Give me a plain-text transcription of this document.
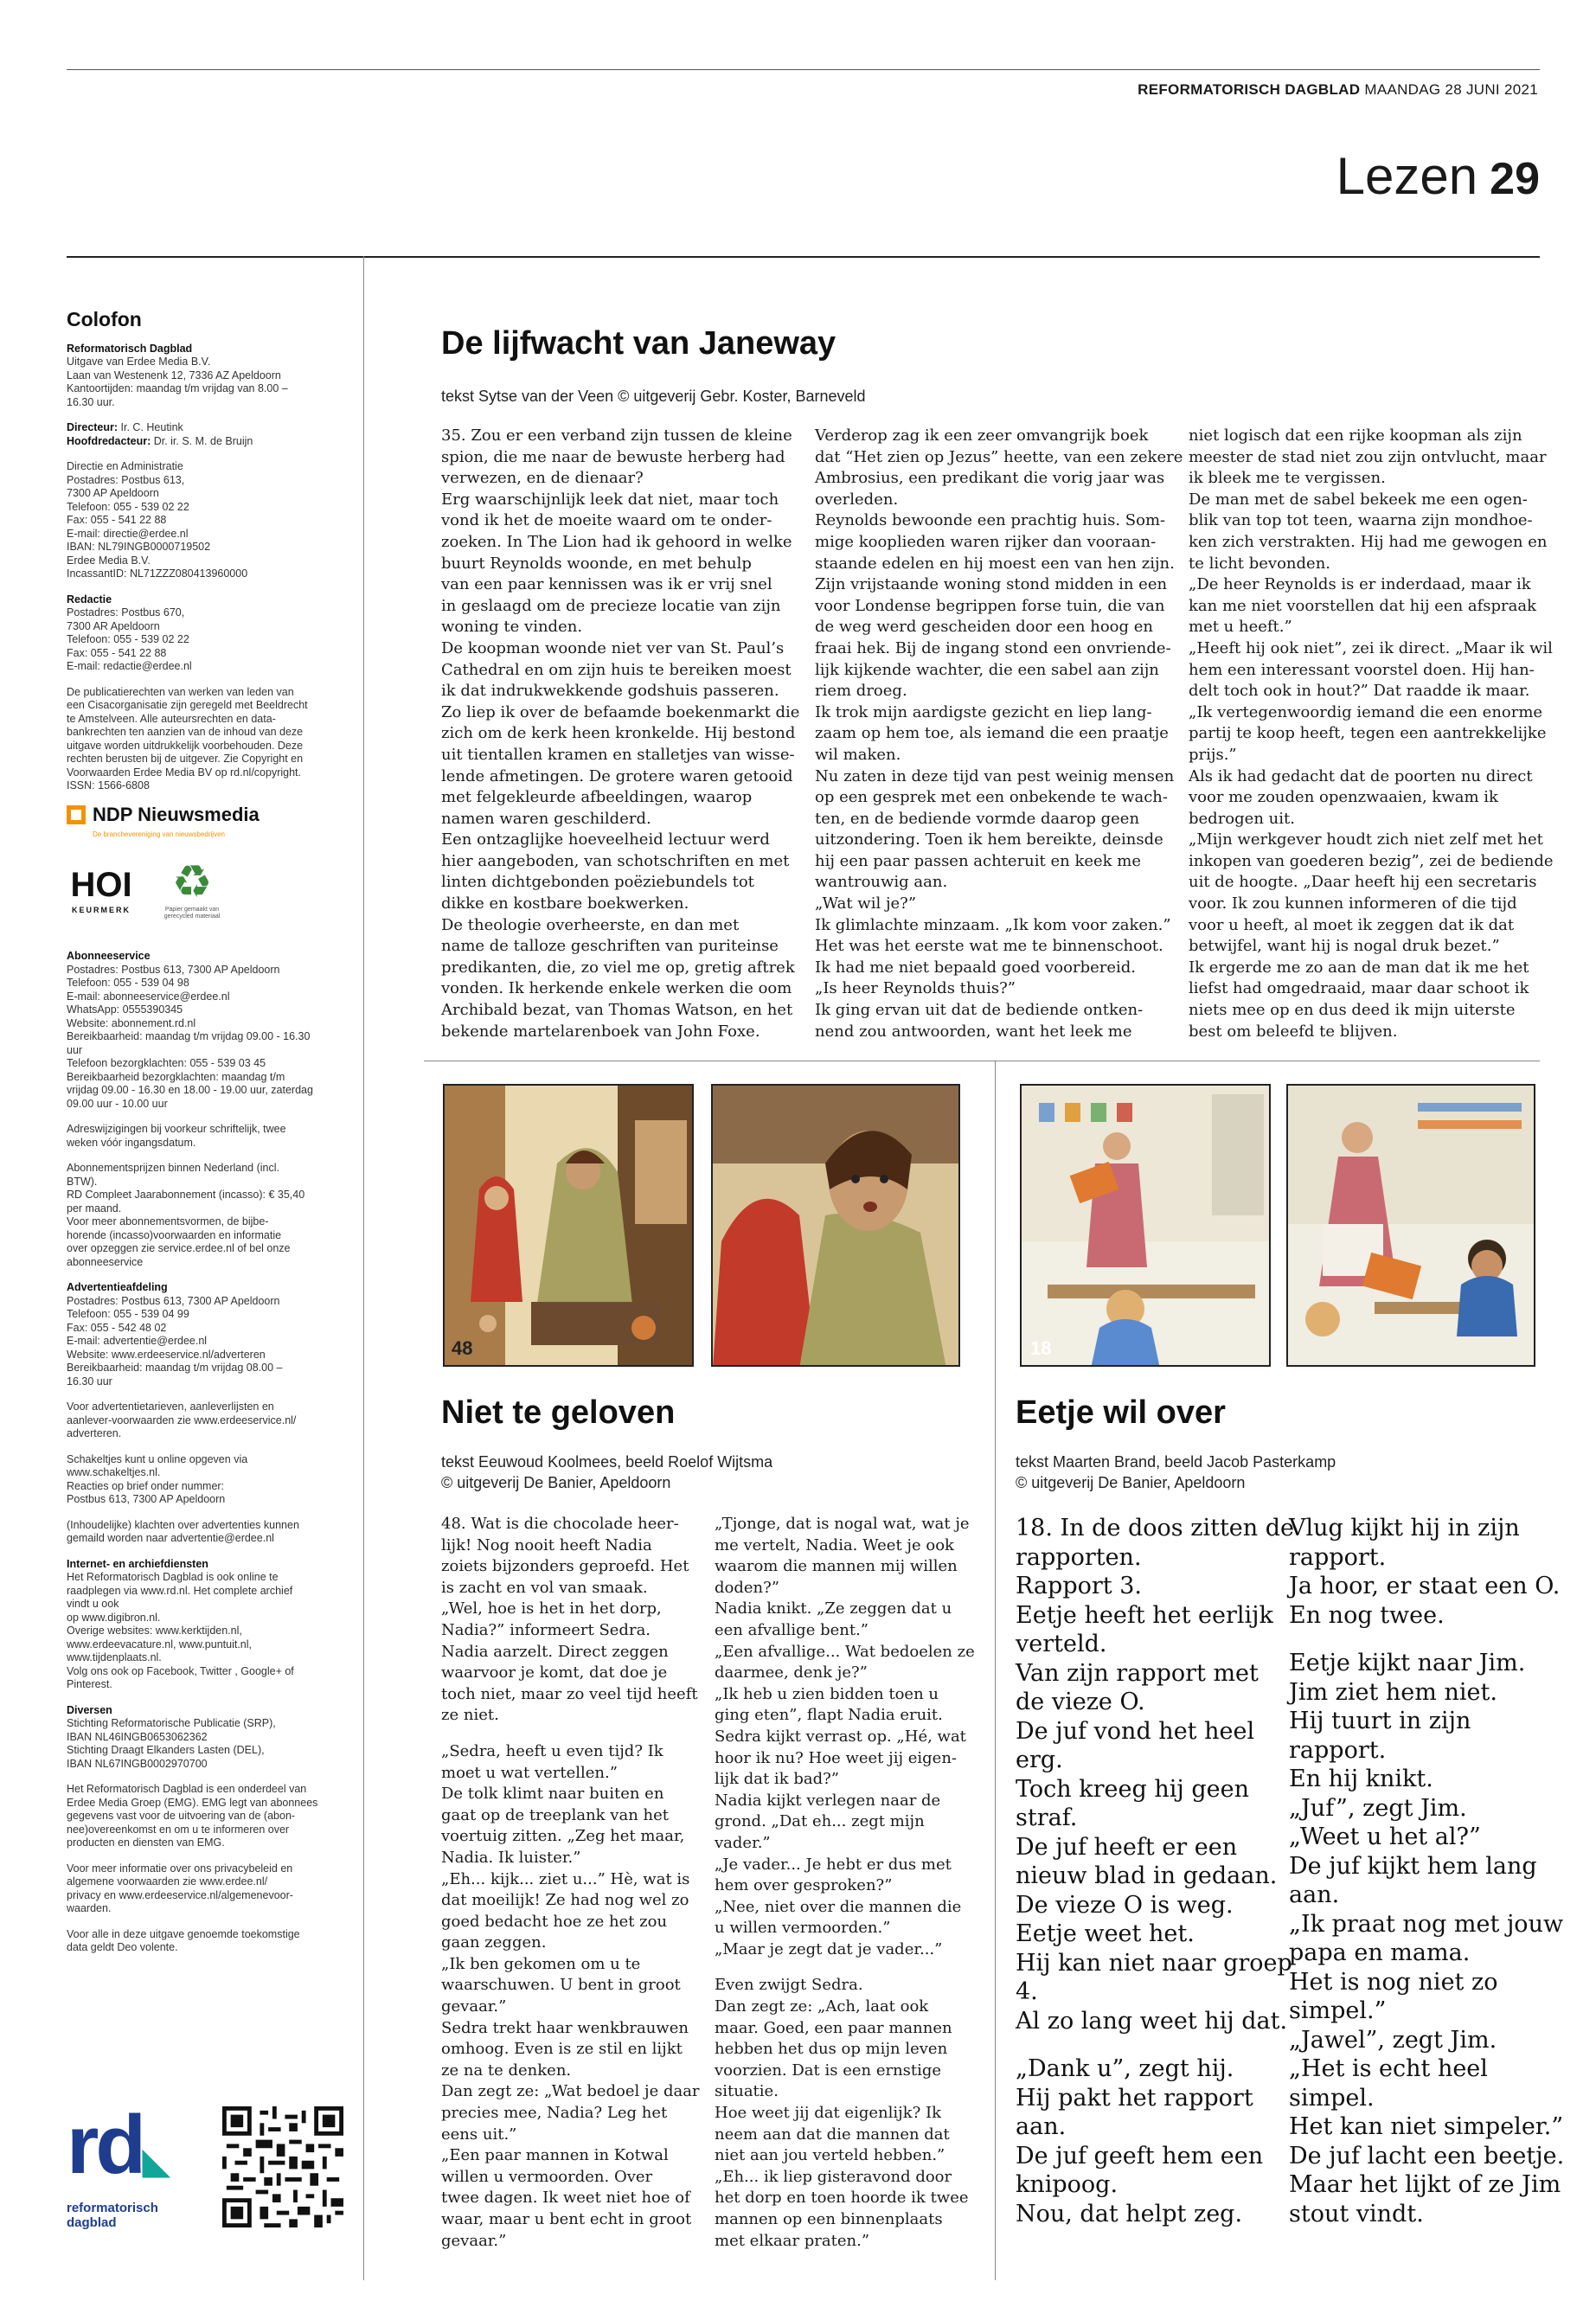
REFORMATORISCH DAGBLAD MAANDAG 28 JUNI 2021
Lezen 29
Colofon
Reformatorisch Dagblad
Uitgave van Erdee Media B.V.
Laan van Westenenk 12, 7336 AZ Apeldoorn
Kantoortijden: maandag t/m vrijdag van 8.00 –
16.30 uur.
Directeur: Ir. C. Heutink
Hoofdredacteur: Dr. ir. S. M. de Bruijn
Directie en Administratie
Postadres: Postbus 613,
7300 AP Apeldoorn
Telefoon: 055 - 539 02 22
Fax: 055 - 541 22 88
E-mail: directie@erdee.nl
IBAN: NL79INGB0000719502
Erdee Media B.V.
IncassantID: NL71ZZZ080413960000
Redactie
Postadres: Postbus 670,
7300 AR Apeldoorn
Telefoon: 055 - 539 02 22
Fax: 055 - 541 22 88
E-mail: redactie@erdee.nl
De publicatierechten van werken van leden van
een Cisacorganisatie zijn geregeld met Beeldrecht
te Amstelveen. Alle auteursrechten en data-
bankrechten ten aanzien van de inhoud van deze
uitgave worden uitdrukkelijk voorbehouden. Deze
rechten berusten bij de uitgever. Zie Copyright en
Voorwaarden Erdee Media BV op rd.nl/copyright.
ISSN: 1566-6808
NDP Nieuwsmedia
De branchevereniging van nieuwsbedrijven
HOI
KEURMERK
♻
Papier gemaakt van gerecycled materiaal
Abonneeservice
Postadres: Postbus 613, 7300 AP Apeldoorn
Telefoon: 055 - 539 04 98
E-mail: abonneeservice@erdee.nl
WhatsApp: 0555390345
Website: abonnement.rd.nl
Bereikbaarheid: maandag t/m vrijdag 09.00 - 16.30
uur
Telefoon bezorgklachten: 055 - 539 03 45
Bereikbaarheid bezorgklachten: maandag t/m
vrijdag 09.00 - 16.30 en 18.00 - 19.00 uur, zaterdag
09.00 uur - 10.00 uur
Adreswijzigingen bij voorkeur schriftelijk, twee
weken vóór ingangsdatum.
Abonnementsprijzen binnen Nederland (incl.
BTW).
RD Compleet Jaarabonnement (incasso): € 35,40
per maand.
Voor meer abonnementsvormen, de bijbe-
horende (incasso)voorwaarden en informatie
over opzeggen zie service.erdee.nl of bel onze
abonneeservice
Advertentieafdeling
Postadres: Postbus 613, 7300 AP Apeldoorn
Telefoon: 055 - 539 04 99
Fax: 055 - 542 48 02
E-mail: advertentie@erdee.nl
Website: www.erdeeservice.nl/adverteren
Bereikbaarheid: maandag t/m vrijdag 08.00 –
16.30 uur
Voor advertentietarieven, aanleverlijsten en
aanlever-voorwaarden zie www.erdeeservice.nl/
adverteren.
Schakeltjes kunt u online opgeven via
www.schakeltjes.nl.
Reacties op brief onder nummer:
Postbus 613, 7300 AP Apeldoorn
(Inhoudelijke) klachten over advertenties kunnen
gemaild worden naar advertentie@erdee.nl
Internet- en archiefdiensten
Het Reformatorisch Dagblad is ook online te
raadplegen via www.rd.nl. Het complete archief
vindt u ook
op www.digibron.nl.
Overige websites: www.kerktijden.nl,
www.erdeevacature.nl, www.puntuit.nl,
www.tijdenplaats.nl.
Volg ons ook op Facebook, Twitter , Google+ of
Pinterest.
Diversen
Stichting Reformatorische Publicatie (SRP),
IBAN NL46INGB0653062362
Stichting Draagt Elkanders Lasten (DEL),
IBAN NL67INGB0002970700
Het Reformatorisch Dagblad is een onderdeel van
Erdee Media Groep (EMG). EMG legt van abonnees
gegevens vast voor de uitvoering van de (abon-
nee)overeenkomst en om u te informeren over
producten en diensten van EMG.
Voor meer informatie over ons privacybeleid en
algemene voorwaarden zie www.erdee.nl/
privacy en www.erdeeservice.nl/algemenevoor-
waarden.
Voor alle in deze uitgave genoemde toekomstige
data geldt Deo volente.
rd◣
reformatorisch
dagblad
De lijfwacht van Janeway
tekst Sytse van der Veen © uitgeverij Gebr. Koster, Barneveld
35. Zou er een verband zijn tussen de kleine
spion, die me naar de bewuste herberg had
verwezen, en de dienaar?
Erg waarschijnlijk leek dat niet, maar toch
vond ik het de moeite waard om te onder-
zoeken. In The Lion had ik gehoord in welke
buurt Reynolds woonde, en met behulp
van een paar kennissen was ik er vrij snel
in geslaagd om de precieze locatie van zijn
woning te vinden.
De koopman woonde niet ver van St. Paul’s
Cathedral en om zijn huis te bereiken moest
ik dat indrukwekkende godshuis passeren.
Zo liep ik over de befaamde boekenmarkt die
zich om de kerk heen kronkelde. Hij bestond
uit tientallen kramen en stalletjes van wisse-
lende afmetingen. De grotere waren getooid
met felgekleurde afbeeldingen, waarop
namen waren geschilderd.
Een ontzaglijke hoeveelheid lectuur werd
hier aangeboden, van schotschriften en met
linten dichtgebonden poëziebundels tot
dikke en kostbare boekwerken.
De theologie overheerste, en dan met
name de talloze geschriften van puriteinse
predikanten, die, zo viel me op, gretig aftrek
vonden. Ik herkende enkele werken die oom
Archibald bezat, van Thomas Watson, en het
bekende martelarenboek van John Foxe.
Verderop zag ik een zeer omvangrijk boek
dat “Het zien op Jezus” heette, van een zekere
Ambrosius, een predikant die vorig jaar was
overleden.
Reynolds bewoonde een prachtig huis. Som-
mige kooplieden waren rijker dan vooraan-
staande edelen en hij moest een van hen zijn.
Zijn vrijstaande woning stond midden in een
voor Londense begrippen forse tuin, die van
de weg werd gescheiden door een hoog en
fraai hek. Bij de ingang stond een onvriende-
lijk kijkende wachter, die een sabel aan zijn
riem droeg.
Ik trok mijn aardigste gezicht en liep lang-
zaam op hem toe, als iemand die een praatje
wil maken.
Nu zaten in deze tijd van pest weinig mensen
op een gesprek met een onbekende te wach-
ten, en de bediende vormde daarop geen
uitzondering. Toen ik hem bereikte, deinsde
hij een paar passen achteruit en keek me
wantrouwig aan.
„Wat wil je?”
Ik glimlachte minzaam. „Ik kom voor zaken.”
Het was het eerste wat me te binnenschoot.
Ik had me niet bepaald goed voorbereid.
„Is heer Reynolds thuis?”
Ik ging ervan uit dat de bediende ontken-
nend zou antwoorden, want het leek me
niet logisch dat een rijke koopman als zijn
meester de stad niet zou zijn ontvlucht, maar
ik bleek me te vergissen.
De man met de sabel bekeek me een ogen-
blik van top tot teen, waarna zijn mondhoe-
ken zich verstrakten. Hij had me gewogen en
te licht bevonden.
„De heer Reynolds is er inderdaad, maar ik
kan me niet voorstellen dat hij een afspraak
met u heeft.”
„Heeft hij ook niet”, zei ik direct. „Maar ik wil
hem een interessant voorstel doen. Hij han-
delt toch ook in hout?” Dat raadde ik maar.
„Ik vertegenwoordig iemand die een enorme
partij te koop heeft, tegen een aantrekkelijke
prijs.”
Als ik had gedacht dat de poorten nu direct
voor me zouden openzwaaien, kwam ik
bedrogen uit.
„Mijn werkgever houdt zich niet zelf met het
inkopen van goederen bezig”, zei de bediende
uit de hoogte. „Daar heeft hij een secretaris
voor. Ik zou kunnen informeren of die tijd
voor u heeft, al moet ik zeggen dat ik dat
betwijfel, want hij is nogal druk bezet.”
Ik ergerde me zo aan de man dat ik me het
liefst had omgedraaid, maar daar schoot ik
niets mee op en dus deed ik mijn uiterste
best om beleefd te blijven.
48	18
Niet te geloven
tekst Eeuwoud Koolmees, beeld Roelof Wijtsma
© uitgeverij De Banier, Apeldoorn
48. Wat is die chocolade heer-
lijk! Nog nooit heeft Nadia
zoiets bijzonders geproefd. Het
is zacht en vol van smaak.
„Wel, hoe is het in het dorp,
Nadia?” informeert Sedra.
Nadia aarzelt. Direct zeggen
waarvoor je komt, dat doe je
toch niet, maar zo veel tijd heeft
ze niet.
„Sedra, heeft u even tijd? Ik
moet u wat vertellen.”
De tolk klimt naar buiten en
gaat op de treeplank van het
voertuig zitten. „Zeg het maar,
Nadia. Ik luister.”
„Eh... kijk... ziet u...” Hè, wat is
dat moeilijk! Ze had nog wel zo
goed bedacht hoe ze het zou
gaan zeggen.
„Ik ben gekomen om u te
waarschuwen. U bent in groot
gevaar.”
Sedra trekt haar wenkbrauwen
omhoog. Even is ze stil en lijkt
ze na te denken.
Dan zegt ze: „Wat bedoel je daar
precies mee, Nadia? Leg het
eens uit.”
„Een paar mannen in Kotwal
willen u vermoorden. Over
twee dagen. Ik weet niet hoe of
waar, maar u bent echt in groot
gevaar.”
„Tjonge, dat is nogal wat, wat je
me vertelt, Nadia. Weet je ook
waarom die mannen mij willen
doden?”
Nadia knikt. „Ze zeggen dat u
een afvallige bent.”
„Een afvallige... Wat bedoelen ze
daarmee, denk je?”
„Ik heb u zien bidden toen u
ging eten”, flapt Nadia eruit.
Sedra kijkt verrast op. „Hé, wat
hoor ik nu? Hoe weet jij eigen-
lijk dat ik bad?”
Nadia kijkt verlegen naar de
grond. „Dat eh... zegt mijn
vader.”
„Je vader... Je hebt er dus met
hem over gesproken?”
„Nee, niet over die mannen die
u willen vermoorden.”
„Maar je zegt dat je vader...”
Even zwijgt Sedra.
Dan zegt ze: „Ach, laat ook
maar. Goed, een paar mannen
hebben het dus op mijn leven
voorzien. Dat is een ernstige
situatie.
Hoe weet jij dat eigenlijk? Ik
neem aan dat die mannen dat
niet aan jou verteld hebben.”
„Eh... ik liep gisteravond door
het dorp en toen hoorde ik twee
mannen op een binnenplaats
met elkaar praten.”
Eetje wil over
tekst Maarten Brand, beeld Jacob Pasterkamp
© uitgeverij De Banier, Apeldoorn
18. In de doos zitten de
rapporten.
Rapport 3.
Eetje heeft het eerlijk
verteld.
Van zijn rapport met
de vieze O.
De juf vond het heel
erg.
Toch kreeg hij geen
straf.
De juf heeft er een
nieuw blad in gedaan.
De vieze O is weg.
Eetje weet het.
Hij kan niet naar groep
4.
Al zo lang weet hij dat.
„Dank u”, zegt hij.
Hij pakt het rapport
aan.
De juf geeft hem een
knipoog.
Nou, dat helpt zeg.
Vlug kijkt hij in zijn
rapport.
Ja hoor, er staat een O.
En nog twee.
Eetje kijkt naar Jim.
Jim ziet hem niet.
Hij tuurt in zijn
rapport.
En hij knikt.
„Juf”, zegt Jim.
„Weet u het al?”
De juf kijkt hem lang
aan.
„Ik praat nog met jouw
papa en mama.
Het is nog niet zo
simpel.”
„Jawel”, zegt Jim.
„Het is echt heel
simpel.
Het kan niet simpeler.”
De juf lacht een beetje.
Maar het lijkt of ze Jim
stout vindt.
